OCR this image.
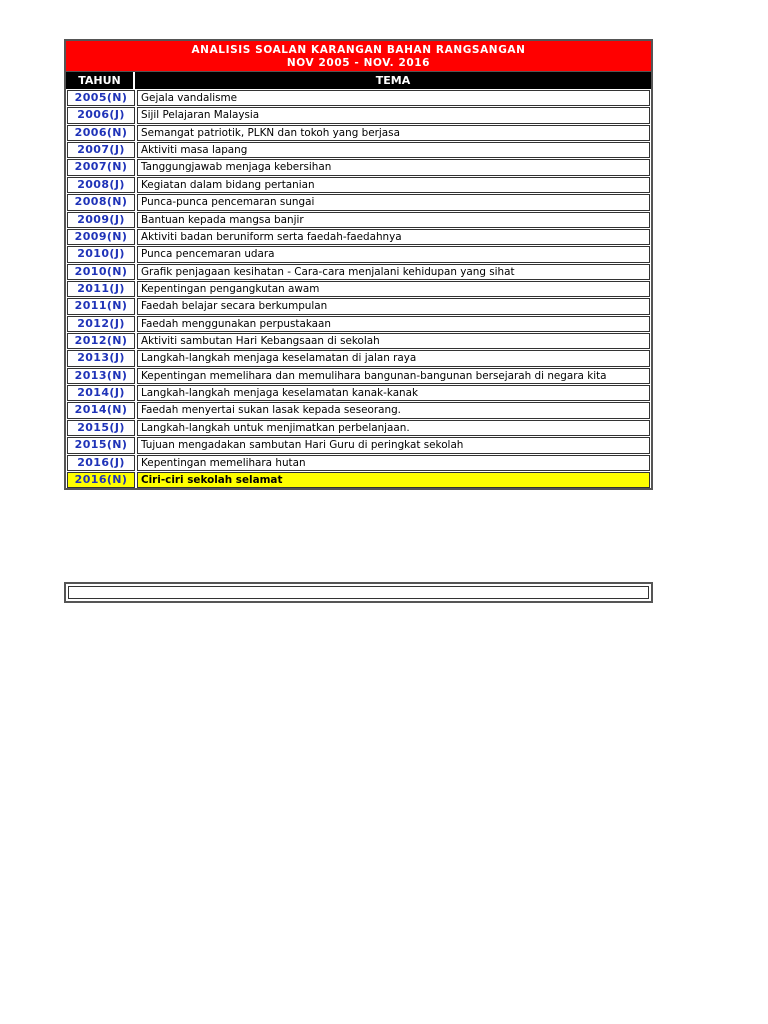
ANALISIS SOALAN KARANGAN BAHAN RANGSANGAN
NOV 2005 - NOV. 2016
TAHUN	TEMA
2005(N)	Gejala vandalisme
2006(J)	Sijil Pelajaran Malaysia
2006(N)	Semangat patriotik, PLKN dan tokoh yang berjasa
2007(J)	Aktiviti masa lapang
2007(N)	Tanggungjawab menjaga kebersihan
2008(J)	Kegiatan dalam bidang pertanian
2008(N)	Punca-punca pencemaran sungai
2009(J)	Bantuan kepada mangsa banjir
2009(N)	Aktiviti badan beruniform serta faedah-faedahnya
2010(J)	Punca pencemaran udara
2010(N)	Grafik penjagaan kesihatan - Cara-cara menjalani kehidupan yang sihat
2011(J)	Kepentingan pengangkutan awam
2011(N)	Faedah belajar secara berkumpulan
2012(J)	Faedah menggunakan perpustakaan
2012(N)	Aktiviti sambutan Hari Kebangsaan di sekolah
2013(J)	Langkah-langkah menjaga keselamatan di jalan raya
2013(N)	Kepentingan memelihara dan memulihara bangunan-bangunan bersejarah di negara kita
2014(J)	Langkah-langkah menjaga keselamatan kanak-kanak
2014(N)	Faedah menyertai sukan lasak kepada seseorang.
2015(J)	Langkah-langkah untuk menjimatkan perbelanjaan.
2015(N)	Tujuan mengadakan sambutan Hari Guru di peringkat sekolah
2016(J)	Kepentingan memelihara hutan
2016(N)	Ciri-ciri sekolah selamat
